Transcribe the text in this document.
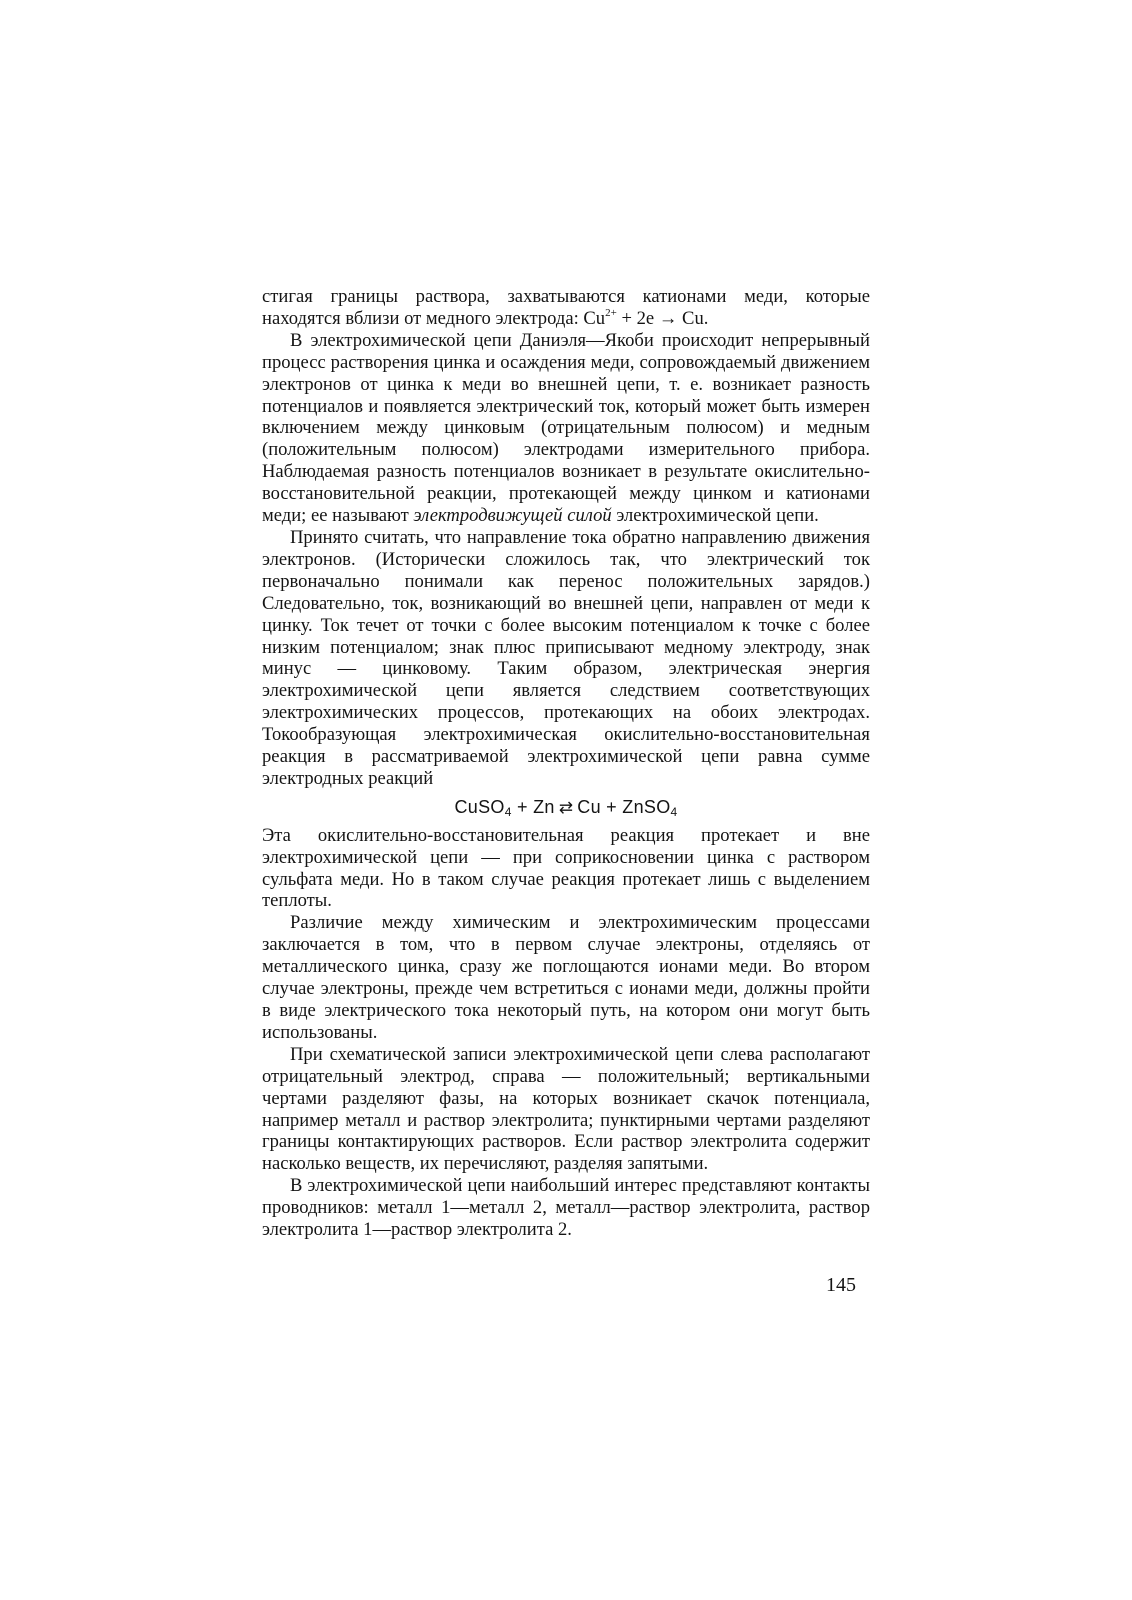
стигая границы раствора, захватываются катионами меди, которые находятся вблизи от медного электрода: $Cu^{2+} + 2e \to Cu$.

В электрохимической цепи Даниэля—Якоби происходит непрерывный процесс растворения цинка и осаждения меди, сопровождаемый движением электронов от цинка к меди во внешней цепи, т. е. возникает разность потенциалов и появляется электрический ток, который может быть измерен включением между цинковым (отрицательным полюсом) и медным (положительным полюсом) электродами измерительного прибора. Наблюдаемая разность потенциалов возникает в результате окислительно-восстановительной реакции, протекающей между цинком и катионами меди; ее называют электродвижущей силой электрохимической цепи.

Принято считать, что направление тока обратно направлению движения электронов. (Исторически сложилось так, что электрический ток первоначально понимали как перенос положительных зарядов.) Следовательно, ток, возникающий во внешней цепи, направлен от меди к цинку. Ток течет от точки с более высоким потенциалом к точке с более низким потенциалом; знак плюс приписывают медному электроду, знак минус — цинковому. Таким образом, электрическая энергия электрохимической цепи является следствием соответствующих электрохимических процессов, протекающих на обоих электродах. Токообразующая электрохимическая окислительно-восстановительная реакция в рассматриваемой электрохимической цепи равна сумме электродных реакций

CuSO$_4$ + Zn ⇄ Cu + ZnSO$_4$

Эта окислительно-восстановительная реакция протекает и вне электрохимической цепи — при соприкосновении цинка с раствором сульфата меди. Но в таком случае реакция протекает лишь с выделением теплоты.

Различие между химическим и электрохимическим процессами заключается в том, что в первом случае электроны, отделяясь от металлического цинка, сразу же поглощаются ионами меди. Во втором случае электроны, прежде чем встретиться с ионами меди, должны пройти в виде электрического тока некоторый путь, на котором они могут быть использованы.

При схематической записи электрохимической цепи слева располагают отрицательный электрод, справа — положительный; вертикальными чертами разделяют фазы, на которых возникает скачок потенциала, например металл и раствор электролита; пунктирными чертами разделяют границы контактирующих растворов. Если раствор электролита содержит насколько веществ, их перечисляют, разделяя запятыми.

В электрохимической цепи наибольший интерес представляют контакты проводников: металл 1—металл 2, металл—раствор электролита, раствор электролита 1—раствор электролита 2.

145
